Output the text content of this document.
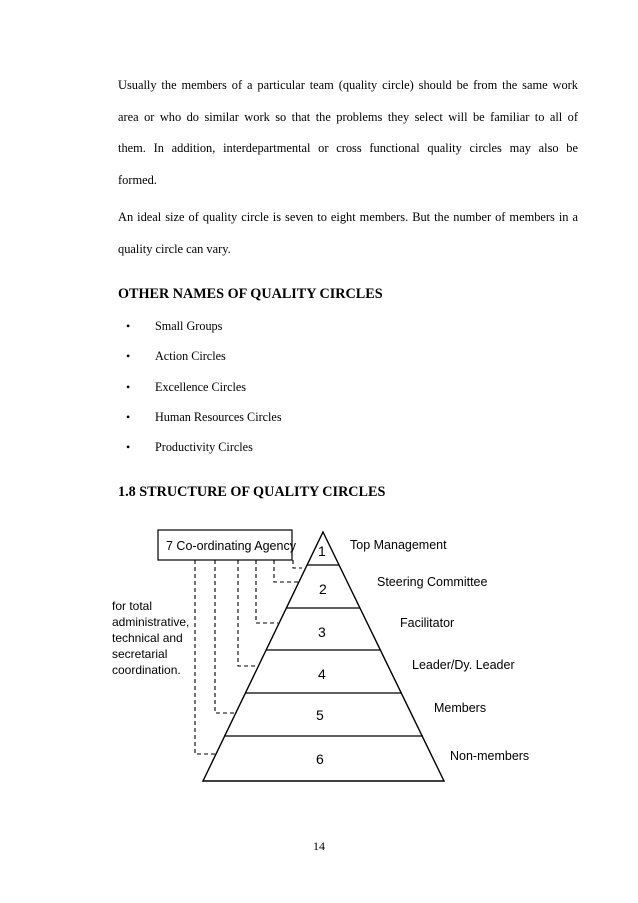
Usually the members of a particular team (quality circle) should be from the same work
area or who do similar work so that the problems they select will be familiar to all of
them. In addition, interdepartmental or cross functional quality circles may also be
formed.
An ideal size of quality circle is seven to eight members. But the number of members in a
quality circle can vary.
OTHER NAMES OF QUALITY CIRCLES
• Small Groups
• Action Circles
• Excellence Circles
• Human Resources Circles
• Productivity Circles
1.8 STRUCTURE OF QUALITY CIRCLES
7 Co-ordinating Agency 1
2
3
4
5
6
Top Management
Steering Committee
Facilitator
Leader/Dy. Leader
Members
Non-members
for total administrative, technical and secretarial coordination.
14
